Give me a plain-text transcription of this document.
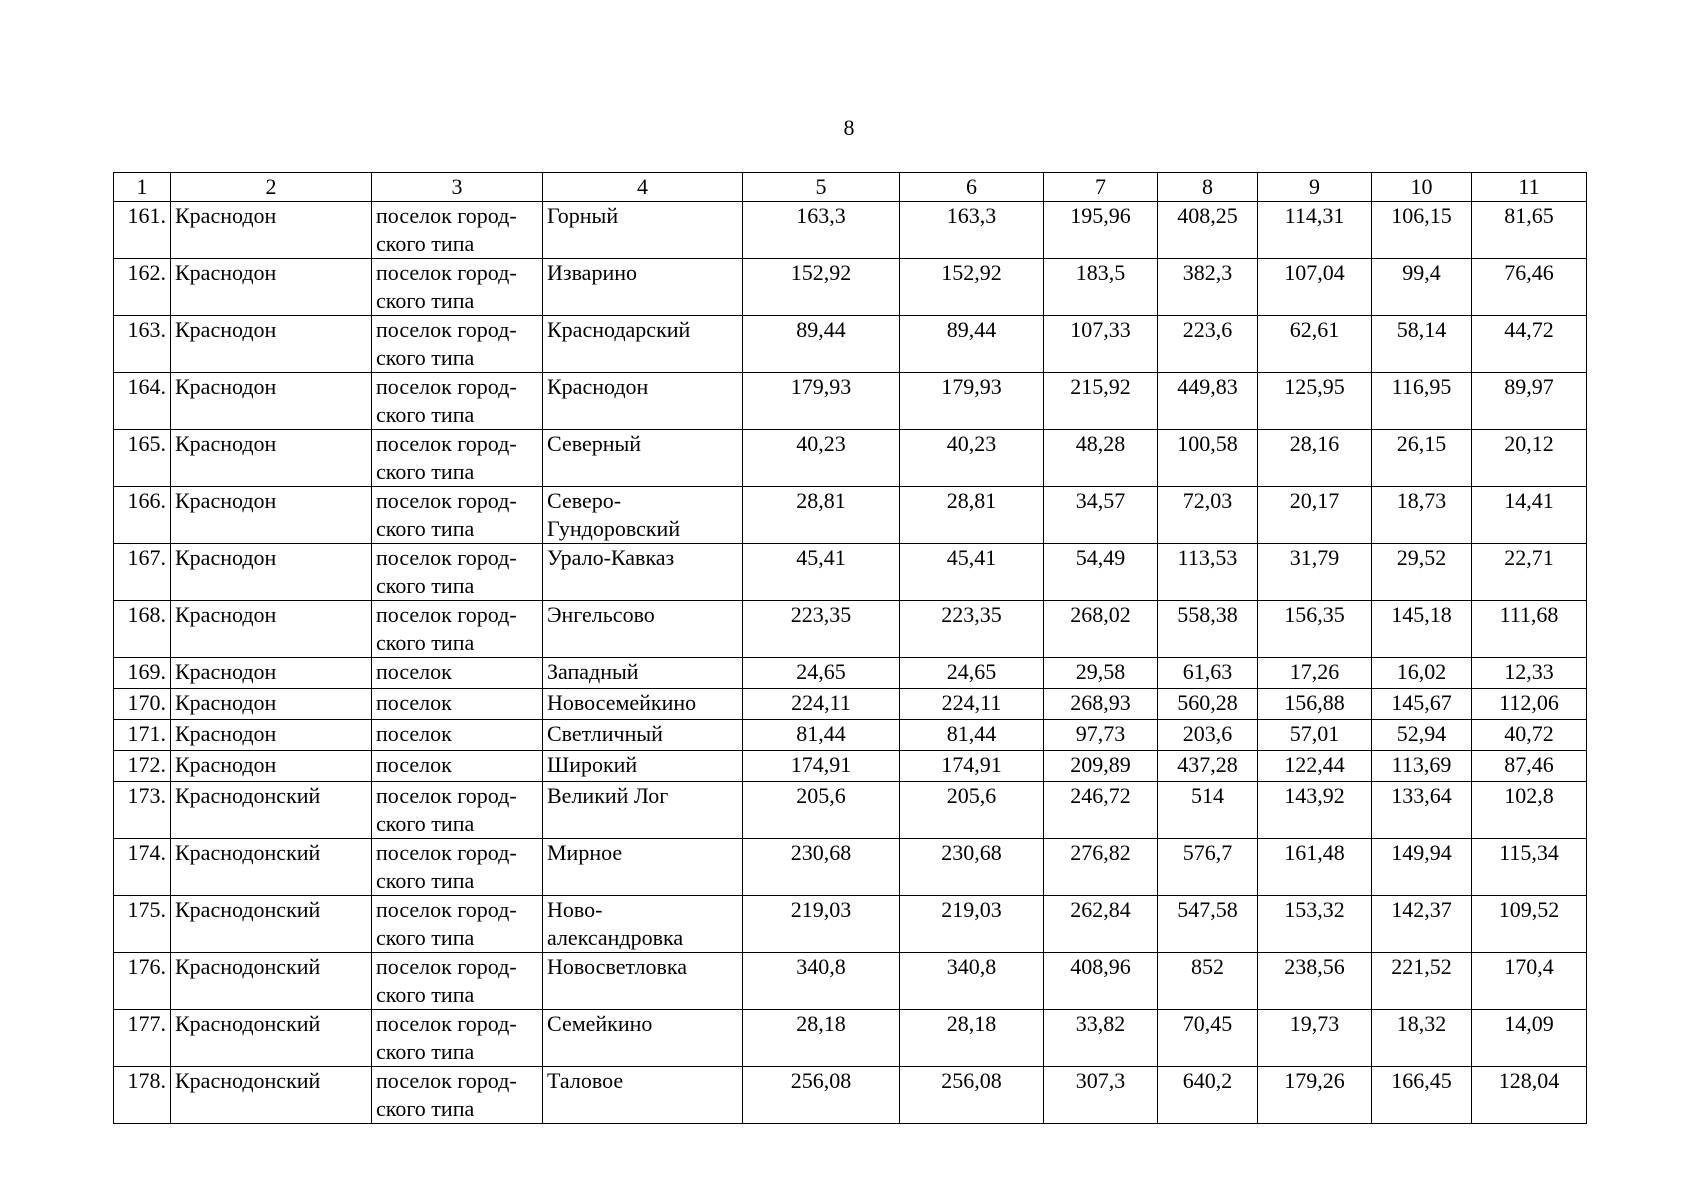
8
1	2	3	4	5	6	7	8	9	10	11
161.	Краснодон	поселок город-ского типа	Горный	163,3	163,3	195,96	408,25	114,31	106,15	81,65
162.	Краснодон	поселок город-ского типа	Изварино	152,92	152,92	183,5	382,3	107,04	99,4	76,46
163.	Краснодон	поселок город-ского типа	Краснодарский	89,44	89,44	107,33	223,6	62,61	58,14	44,72
164.	Краснодон	поселок город-ского типа	Краснодон	179,93	179,93	215,92	449,83	125,95	116,95	89,97
165.	Краснодон	поселок город-ского типа	Северный	40,23	40,23	48,28	100,58	28,16	26,15	20,12
166.	Краснодон	поселок город-ского типа	Северо-Гундоровский	28,81	28,81	34,57	72,03	20,17	18,73	14,41
167.	Краснодон	поселок город-ского типа	Урало-Кавказ	45,41	45,41	54,49	113,53	31,79	29,52	22,71
168.	Краснодон	поселок город-ского типа	Энгельсово	223,35	223,35	268,02	558,38	156,35	145,18	111,68
169.	Краснодон	поселок	Западный	24,65	24,65	29,58	61,63	17,26	16,02	12,33
170.	Краснодон	поселок	Новосемейкино	224,11	224,11	268,93	560,28	156,88	145,67	112,06
171.	Краснодон	поселок	Светличный	81,44	81,44	97,73	203,6	57,01	52,94	40,72
172.	Краснодон	поселок	Широкий	174,91	174,91	209,89	437,28	122,44	113,69	87,46
173.	Краснодонский	поселок город-ского типа	Великий Лог	205,6	205,6	246,72	514	143,92	133,64	102,8
174.	Краснодонский	поселок город-ского типа	Мирное	230,68	230,68	276,82	576,7	161,48	149,94	115,34
175.	Краснодонский	поселок город-ского типа	Ново-александровка	219,03	219,03	262,84	547,58	153,32	142,37	109,52
176.	Краснодонский	поселок город-ского типа	Новосветловка	340,8	340,8	408,96	852	238,56	221,52	170,4
177.	Краснодонский	поселок город-ского типа	Семейкино	28,18	28,18	33,82	70,45	19,73	18,32	14,09
178.	Краснодонский	поселок город-ского типа	Таловое	256,08	256,08	307,3	640,2	179,26	166,45	128,04
